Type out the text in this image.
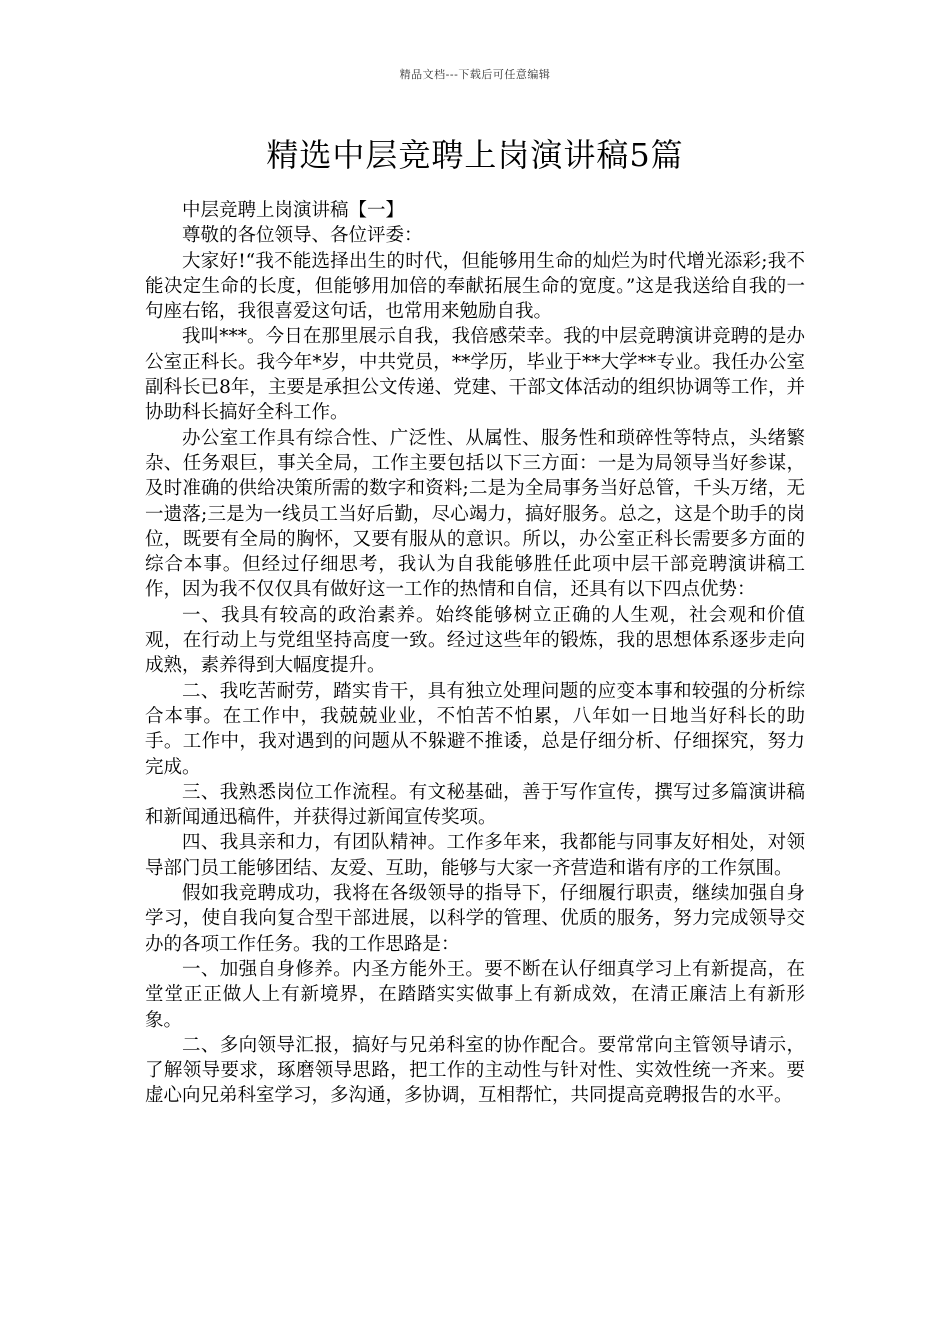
精品文档---下载后可任意编辑
精选中层竞聘上岗演讲稿5篇

中层竞聘上岗演讲稿【一】

尊敬的各位领导、各位评委：

大家好!“我不能选择出生的时代，但能够用生命的灿烂为时代增光添彩;我不能决定生命的长度，但能够用加倍的奉献拓展生命的宽度。”这是我送给自我的一句座右铭，我很喜爱这句话，也常用来勉励自我。

我叫***。今日在那里展示自我，我倍感荣幸。我的中层竞聘演讲竞聘的是办公室正科长。我今年*岁，中共党员，**学历，毕业于**大学**专业。我任办公室副科长已8年，主要是承担公文传递、党建、干部文体活动的组织协调等工作，并协助科长搞好全科工作。

办公室工作具有综合性、广泛性、从属性、服务性和琐碎性等特点，头绪繁杂、任务艰巨，事关全局，工作主要包括以下三方面：一是为局领导当好参谋，及时准确的供给决策所需的数字和资料;二是为全局事务当好总管，千头万绪，无一遗落;三是为一线员工当好后勤，尽心竭力，搞好服务。总之，这是个助手的岗位，既要有全局的胸怀，又要有服从的意识。所以，办公室正科长需要多方面的综合本事。但经过仔细思考，我认为自我能够胜任此项中层干部竞聘演讲稿工作，因为我不仅仅具有做好这一工作的热情和自信，还具有以下四点优势：

一、我具有较高的政治素养。始终能够树立正确的人生观，社会观和价值观，在行动上与党组坚持高度一致。经过这些年的锻炼，我的思想体系逐步走向成熟，素养得到大幅度提升。

二、我吃苦耐劳，踏实肯干，具有独立处理问题的应变本事和较强的分析综合本事。在工作中，我兢兢业业，不怕苦不怕累，八年如一日地当好科长的助手。工作中，我对遇到的问题从不躲避不推诿，总是仔细分析、仔细探究，努力完成。

三、我熟悉岗位工作流程。有文秘基础，善于写作宣传，撰写过多篇演讲稿和新闻通迅稿件，并获得过新闻宣传奖项。

四、我具亲和力，有团队精神。工作多年来，我都能与同事友好相处，对领导部门员工能够团结、友爱、互助，能够与大家一齐营造和谐有序的工作氛围。

假如我竞聘成功，我将在各级领导的指导下，仔细履行职责，继续加强自身学习，使自我向复合型干部进展，以科学的管理、优质的服务，努力完成领导交办的各项工作任务。我的工作思路是：

一、加强自身修养。内圣方能外王。要不断在认仔细真学习上有新提高，在堂堂正正做人上有新境界，在踏踏实实做事上有新成效，在清正廉洁上有新形象。

二、多向领导汇报，搞好与兄弟科室的协作配合。要常常向主管领导请示，了解领导要求，琢磨领导思路，把工作的主动性与针对性、实效性统一齐来。要虚心向兄弟科室学习，多沟通，多协调，互相帮忙，共同提高竞聘报告的水平。
